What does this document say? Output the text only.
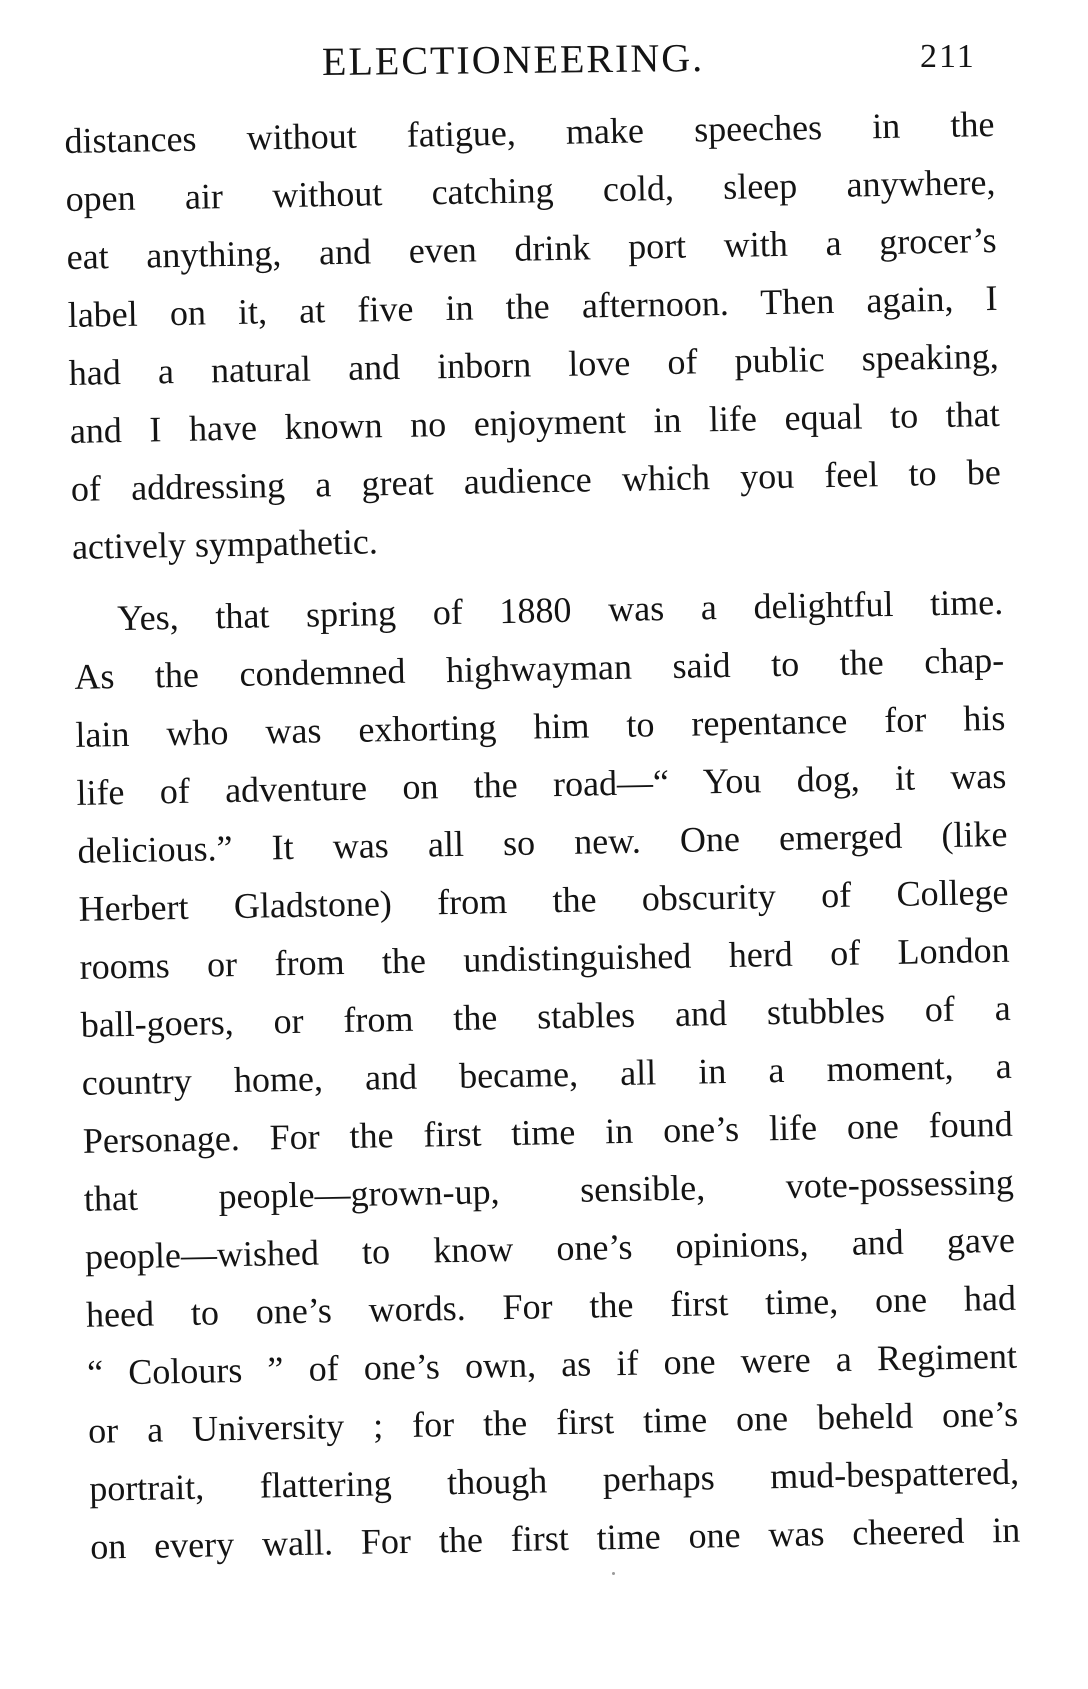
ELECTIONEERING.	211
distances without fatigue, make speeches in the
open air without catching cold, sleep anywhere,
eat anything, and even drink port with a grocer’s
label on it, at five in the afternoon. Then again, I
had a natural and inborn love of public speaking,
and I have known no enjoyment in life equal to that
of addressing a great audience which you feel to be
actively sympathetic.
Yes, that spring of 1880 was a delightful time.
As the condemned highwayman said to the chap-
lain who was exhorting him to repentance for his
life of adventure on the road—“ You dog, it was
delicious.” It was all so new. One emerged (like
Herbert Gladstone) from the obscurity of College
rooms or from the undistinguished herd of London
ball-goers, or from the stables and stubbles of a
country home, and became, all in a moment, a
Personage. For the first time in one’s life one found
that people—grown-up, sensible, vote-possessing
people—wished to know one’s opinions, and gave
heed to one’s words. For the first time, one had
“ Colours ” of one’s own, as if one were a Regiment
or a University ; for the first time one beheld one’s
portrait, flattering though perhaps mud-bespattered,
on every wall. For the first time one was cheered in
